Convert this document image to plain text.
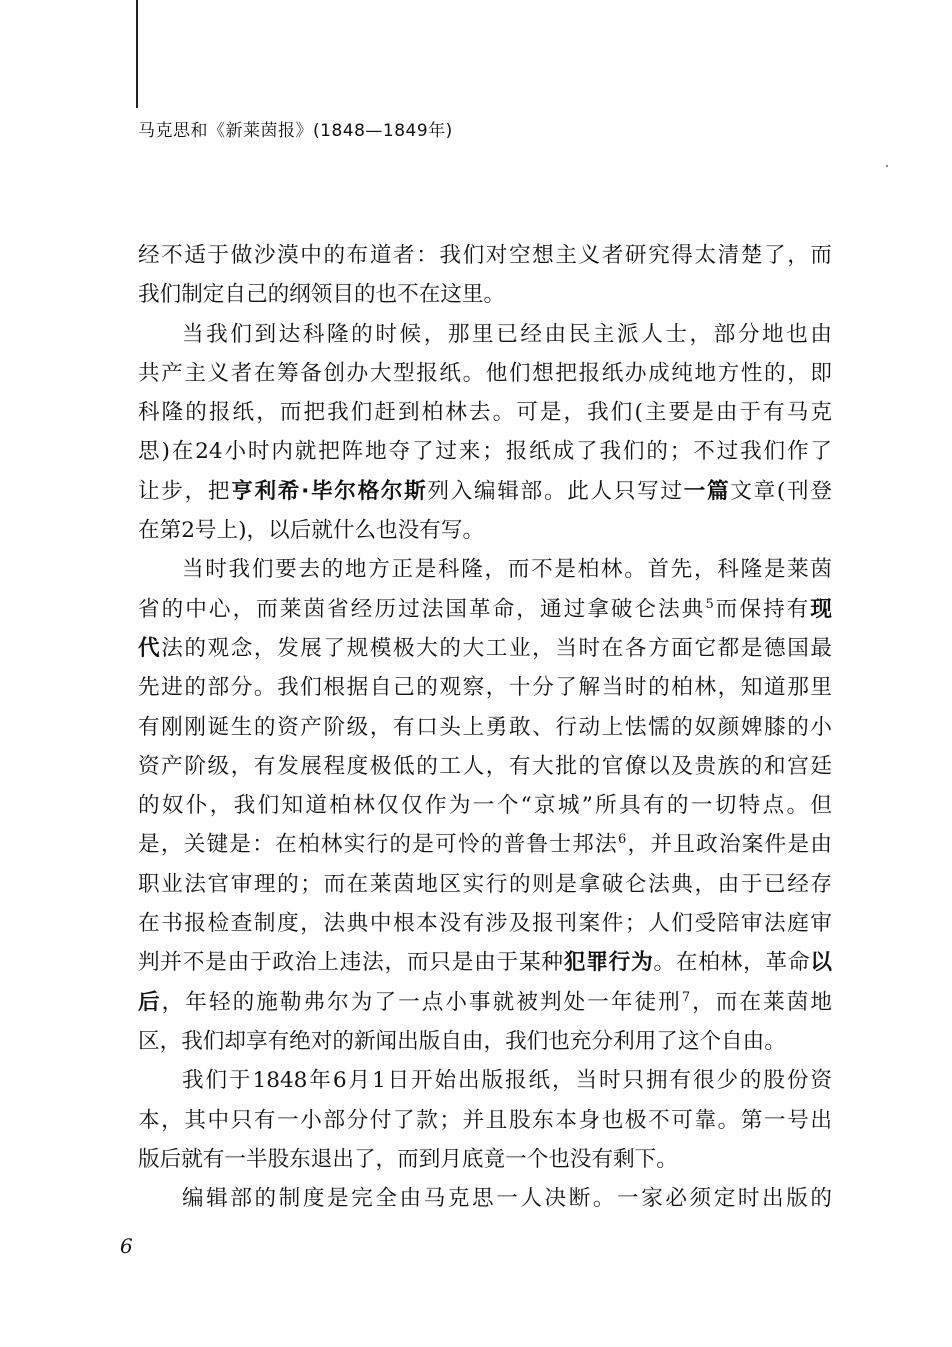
马克思和《新莱茵报》(1848—1849年)
经不适于做沙漠中的布道者：我们对空想主义者研究得太清楚了，而
我们制定自己的纲领目的也不在这里。
当我们到达科隆的时候，那里已经由民主派人士，部分地也由
共产主义者在筹备创办大型报纸。他们想把报纸办成纯地方性的，即
科隆的报纸，而把我们赶到柏林去。可是，我们(主要是由于有马克
思)在24小时内就把阵地夺了过来；报纸成了我们的；不过我们作了
让步，把亨利希·毕尔格尔斯列入编辑部。此人只写过一篇文章(刊登
在第2号上)，以后就什么也没有写。
当时我们要去的地方正是科隆，而不是柏林。首先，科隆是莱茵
省的中心，而莱茵省经历过法国革命，通过拿破仑法典$^5$而保持有现
代法的观念，发展了规模极大的大工业，当时在各方面它都是德国最
先进的部分。我们根据自己的观察，十分了解当时的柏林，知道那里
有刚刚诞生的资产阶级，有口头上勇敢、行动上怯懦的奴颜婢膝的小
资产阶级，有发展程度极低的工人，有大批的官僚以及贵族的和宫廷
的奴仆，我们知道柏林仅仅作为一个“京城”所具有的一切特点。但
是，关键是：在柏林实行的是可怜的普鲁士邦法$^6$，并且政治案件是由
职业法官审理的；而在莱茵地区实行的则是拿破仑法典，由于已经存
在书报检查制度，法典中根本没有涉及报刊案件；人们受陪审法庭审
判并不是由于政治上违法，而只是由于某种犯罪行为。在柏林，革命以
后，年轻的施勒弗尔为了一点小事就被判处一年徒刑$^7$，而在莱茵地
区，我们却享有绝对的新闻出版自由，我们也充分利用了这个自由。
我们于1848年6月1日开始出版报纸，当时只拥有很少的股份资
本，其中只有一小部分付了款；并且股东本身也极不可靠。第一号出
版后就有一半股东退出了，而到月底竟一个也没有剩下。
编辑部的制度是完全由马克思一人决断。一家必须定时出版的
6
